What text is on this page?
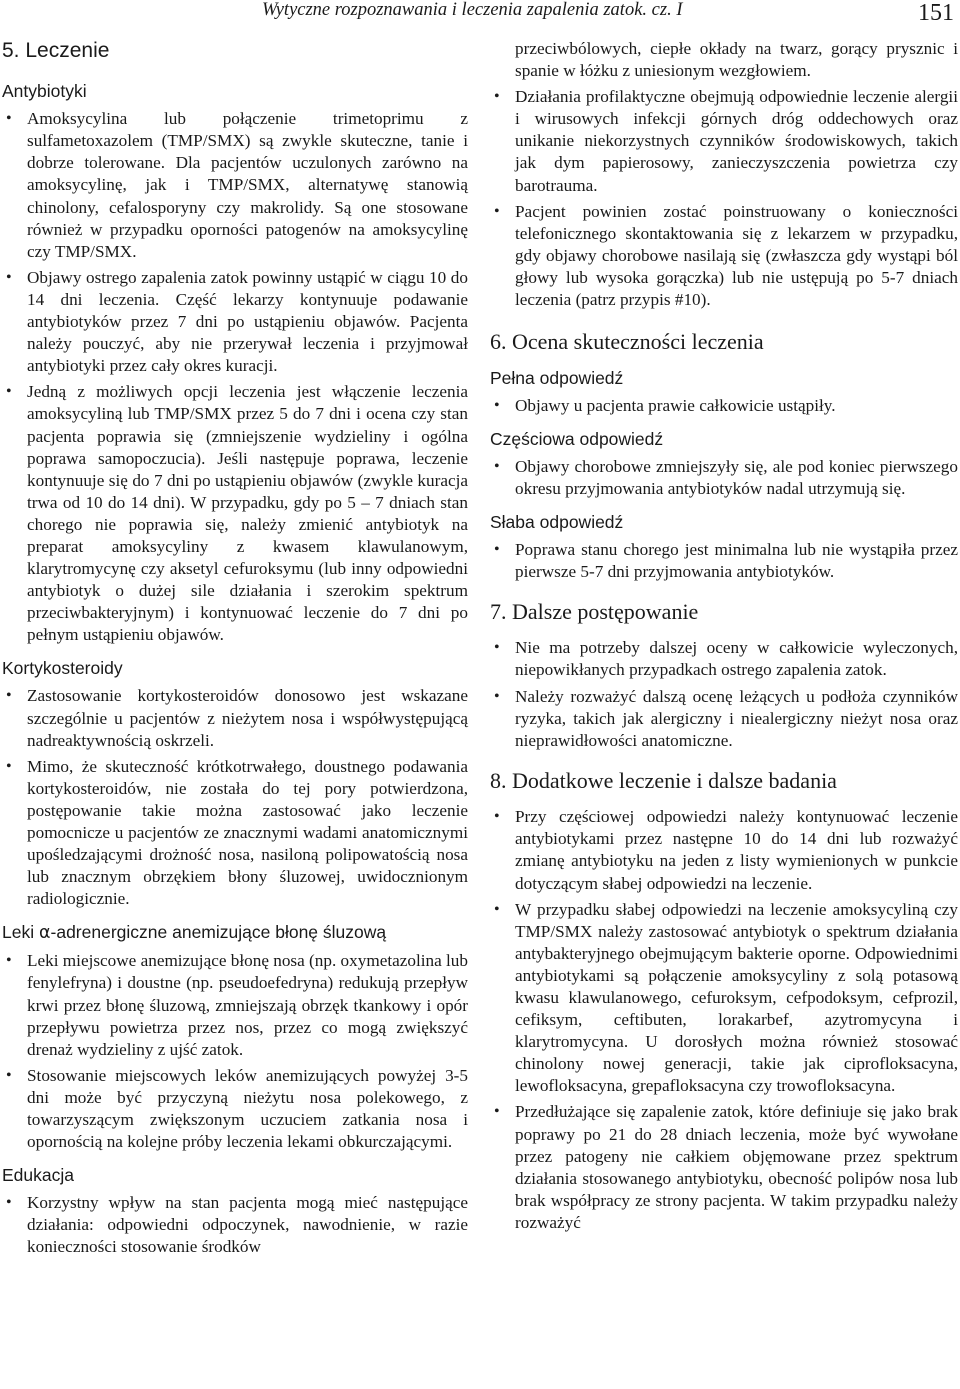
Wytyczne rozpoznawania i leczenia zapalenia zatok. cz. I	151
5. Leczenie
Antybiotyki
• Amoksycylina lub połączenie trimetoprimu z sulfametoxazolem (TMP/SMX) są zwykle skuteczne, tanie i dobrze tolerowane. Dla pacjentów uczulonych zarówno na amoksycylinę, jak i TMP/SMX, alternatywę stanowią chinolony, cefalosporyny czy makrolidy. Są one stosowane również w przypadku oporności patogenów na amoksycylinę czy TMP/SMX.
• Objawy ostrego zapalenia zatok powinny ustąpić w ciągu 10 do 14 dni leczenia. Część lekarzy kontynuuje podawanie antybiotyków przez 7 dni po ustąpieniu objawów. Pacjenta należy pouczyć, aby nie przerywał leczenia i przyjmował antybiotyki przez cały okres kuracji.
• Jedną z możliwych opcji leczenia jest włączenie leczenia amoksycyliną lub TMP/SMX przez 5 do 7 dni i ocena czy stan pacjenta poprawia się (zmniejszenie wydzieliny i ogólna poprawa samopoczucia). Jeśli następuje poprawa, leczenie kontynuuje się do 7 dni po ustąpieniu objawów (zwykle kuracja trwa od 10 do 14 dni). W przypadku, gdy po 5 – 7 dniach stan chorego nie poprawia się, należy zmienić antybiotyk na preparat amoksycyliny z kwasem klawulanowym, klarytromycynę czy aksetyl cefuroksymu (lub inny odpowiedni antybiotyk o dużej sile działania i szerokim spektrum przeciwbakteryjnym) i kontynuować leczenie do 7 dni po pełnym ustąpieniu objawów.
Kortykosteroidy
• Zastosowanie kortykosteroidów donosowo jest wskazane szczególnie u pacjentów z nieżytem nosa i współwystępującą nadreaktywnością oskrzeli.
• Mimo, że skuteczność krótkotrwałego, doustnego podawania kortykosteroidów, nie została do tej pory potwierdzona, postępowanie takie można zastosować jako leczenie pomocnicze u pacjentów ze znacznymi wadami anatomicznymi upośledzającymi drożność nosa, nasiloną polipowatością nosa lub znacznym obrzękiem błony śluzowej, uwidocznionym radiologicznie.
Leki α-adrenergiczne anemizujące błonę śluzową
• Leki miejscowe anemizujące błonę nosa (np. oxymetazolina lub fenylefryna) i doustne (np. pseudoefedryna) redukują przepływ krwi przez błonę śluzową, zmniejszają obrzęk tkankowy i opór przepływu powietrza przez nos, przez co mogą zwiększyć drenaż wydzieliny z ujść zatok.
• Stosowanie miejscowych leków anemizujących powyżej 3-5 dni może być przyczyną nieżytu nosa polekowego, z towarzyszącym zwiększonym uczuciem zatkania nosa i opornością na kolejne próby leczenia lekami obkurczającymi.
Edukacja
• Korzystny wpływ na stan pacjenta mogą mieć następujące działania: odpowiedni odpoczynek, nawodnienie, w razie konieczności stosowanie środków

przeciwbólowych, ciepłe okłady na twarz, gorący prysznic i spanie w łóżku z uniesionym wezgłowiem.

• Działania profilaktyczne obejmują odpowiednie leczenie alergii i wirusowych infekcji górnych dróg oddechowych oraz unikanie niekorzystnych czynników środowiskowych, takich jak dym papierosowy, zanieczyszczenia powietrza czy barotrauma.
• Pacjent powinien zostać poinstruowany o konieczności telefonicznego skontaktowania się z lekarzem w przypadku, gdy objawy chorobowe nasilają się (zwłaszcza gdy wystąpi ból głowy lub wysoka gorączka) lub nie ustępują po 5-7 dniach leczenia (patrz przypis #10).
6. Ocena skuteczności leczenia
Pełna odpowiedź
• Objawy u pacjenta prawie całkowicie ustąpiły.
Częściowa odpowiedź
• Objawy chorobowe zmniejszyły się, ale pod koniec pierwszego okresu przyjmowania antybiotyków nadal utrzymują się.
Słaba odpowiedź
• Poprawa stanu chorego jest minimalna lub nie wystąpiła przez pierwsze 5-7 dni przyjmowania antybiotyków.
7. Dalsze postępowanie
• Nie ma potrzeby dalszej oceny w całkowicie wyleczonych, niepowikłanych przypadkach ostrego zapalenia zatok.
• Należy rozważyć dalszą ocenę leżących u podłoża czynników ryzyka, takich jak alergiczny i niealergiczny nieżyt nosa oraz nieprawidłowości anatomiczne.
8. Dodatkowe leczenie i dalsze badania
• Przy częściowej odpowiedzi należy kontynuować leczenie antybiotykami przez następne 10 do 14 dni lub rozważyć zmianę antybiotyku na jeden z listy wymienionych w punkcie dotyczącym słabej odpowiedzi na leczenie.
• W przypadku słabej odpowiedzi na leczenie amoksycyliną czy TMP/SMX należy zastosować antybiotyk o spektrum działania antybakteryjnego obejmującym bakterie oporne. Odpowiednimi antybiotykami są połączenie amoksycyliny z solą potasową kwasu klawulanowego, cefuroksym, cefpodoksym, cefprozil, cefiksym, ceftibuten, lorakarbef, azytromycyna i klarytromycyna. U dorosłych można również stosować chinolony nowej generacji, takie jak ciprofloksacyna, lewofloksacyna, grepafloksacyna czy trowofloksacyna.
• Przedłużające się zapalenie zatok, które definiuje się jako brak poprawy po 21 do 28 dniach leczenia, może być wywołane przez patogeny nie całkiem objęmowane przez spektrum działania stosowanego antybiotyku, obecność polipów nosa lub brak współpracy ze strony pacjenta. W takim przypadku należy rozważyć
